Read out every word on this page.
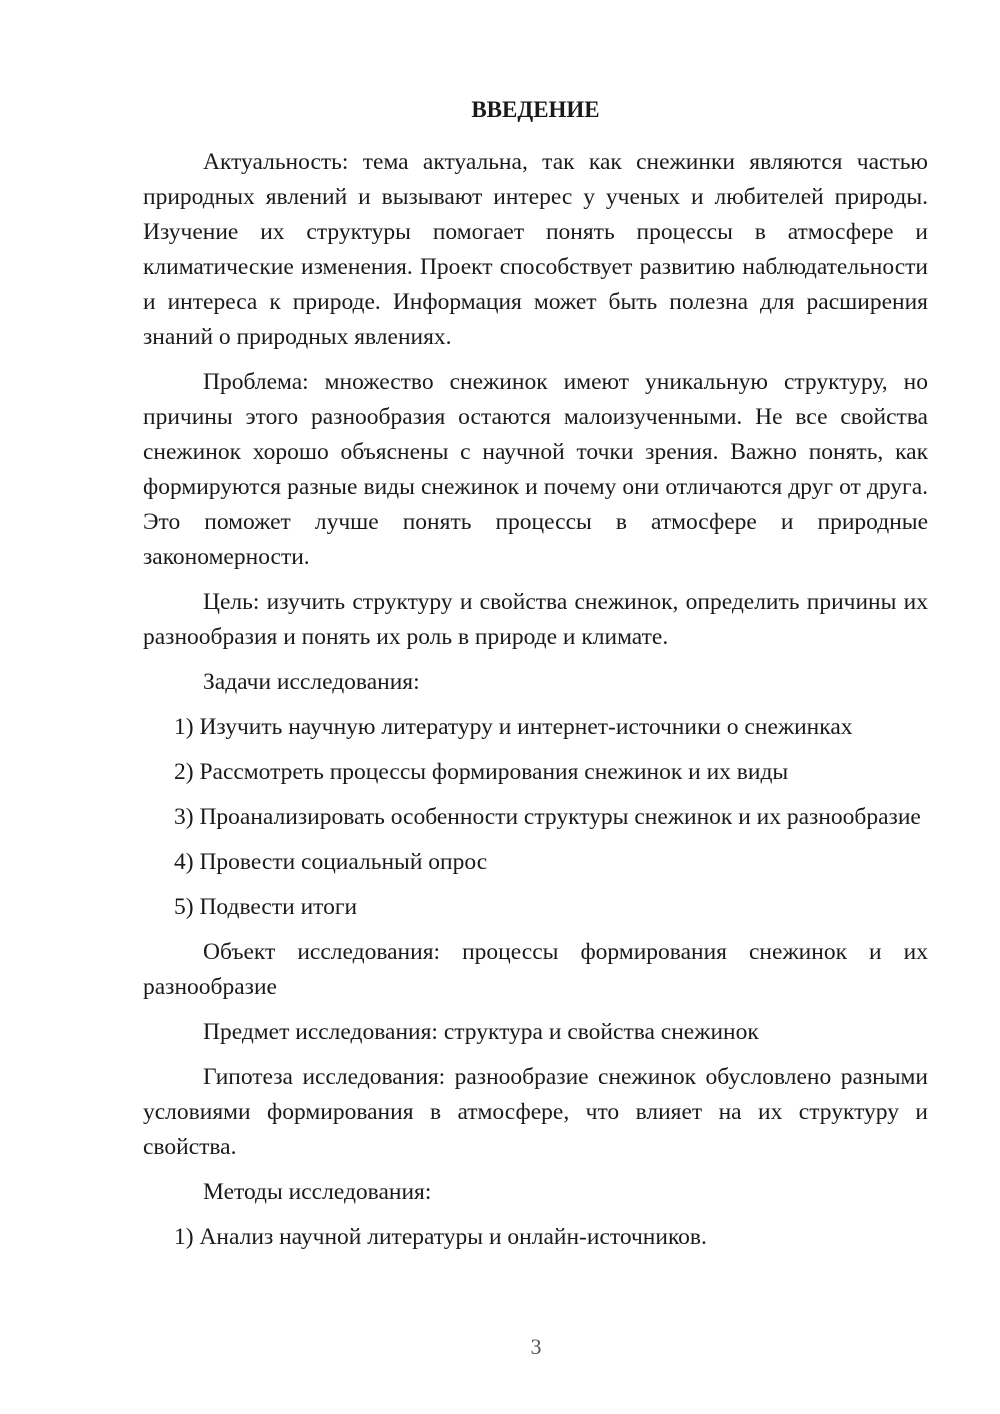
ВВЕДЕНИЕ
Актуальность: тема актуальна, так как снежинки являются частью природных явлений и вызывают интерес у ученых и любителей природы. Изучение их структуры помогает понять процессы в атмосфере и климатические изменения. Проект способствует развитию наблюдательности и интереса к природе. Информация может быть полезна для расширения знаний о природных явлениях.
Проблема: множество снежинок имеют уникальную структуру, но причины этого разнообразия остаются малоизученными. Не все свойства снежинок хорошо объяснены с научной точки зрения. Важно понять, как формируются разные виды снежинок и почему они отличаются друг от друга. Это поможет лучше понять процессы в атмосфере и природные закономерности.
Цель: изучить структуру и свойства снежинок, определить причины их разнообразия и понять их роль в природе и климате.
Задачи исследования:
1) Изучить научную литературу и интернет-источники о снежинках
2) Рассмотреть процессы формирования снежинок и их виды
3) Проанализировать особенности структуры снежинок и их разнообразие
4) Провести социальный опрос
5) Подвести итоги
Объект исследования: процессы формирования снежинок и их разнообразие
Предмет исследования: структура и свойства снежинок
Гипотеза исследования: разнообразие снежинок обусловлено разными условиями формирования в атмосфере, что влияет на их структуру и свойства.
Методы исследования:
1) Анализ научной литературы и онлайн-источников.
3
